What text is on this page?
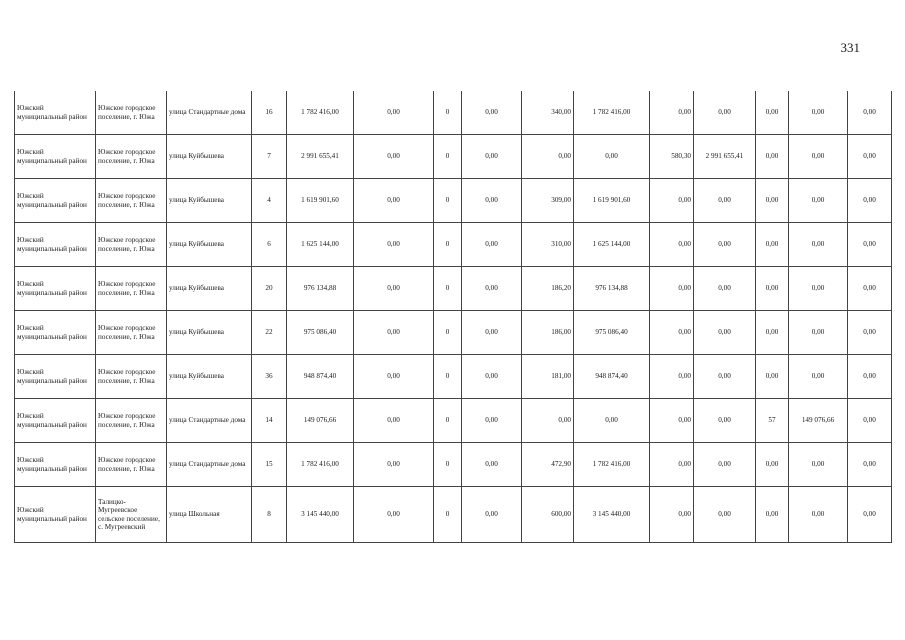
331
Южский муниципальный район	Южское городское поселение, г. Южа	улица Стандартные дома	16	1 782 416,00	0,00	0	0,00	340,00	1 782 416,00	0,00	0,00	0,00	0,00	0,00
Южский муниципальный район	Южское городское поселение, г. Южа	улица Куйбышева	7	2 991 655,41	0,00	0	0,00	0,00	0,00	580,30	2 991 655,41	0,00	0,00	0,00
Южский муниципальный район	Южское городское поселение, г. Южа	улица Куйбышева	4	1 619 901,60	0,00	0	0,00	309,00	1 619 901,60	0,00	0,00	0,00	0,00	0,00
Южский муниципальный район	Южское городское поселение, г. Южа	улица Куйбышева	6	1 625 144,00	0,00	0	0,00	310,00	1 625 144,00	0,00	0,00	0,00	0,00	0,00
Южский муниципальный район	Южское городское поселение, г. Южа	улица Куйбышева	20	976 134,88	0,00	0	0,00	186,20	976 134,88	0,00	0,00	0,00	0,00	0,00
Южский муниципальный район	Южское городское поселение, г. Южа	улица Куйбышева	22	975 086,40	0,00	0	0,00	186,00	975 086,40	0,00	0,00	0,00	0,00	0,00
Южский муниципальный район	Южское городское поселение, г. Южа	улица Куйбышева	36	948 874,40	0,00	0	0,00	181,00	948 874,40	0,00	0,00	0,00	0,00	0,00
Южский муниципальный район	Южское городское поселение, г. Южа	улица Стандартные дома	14	149 076,66	0,00	0	0,00	0,00	0,00	0,00	0,00	57	149 076,66	0,00
Южский муниципальный район	Южское городское поселение, г. Южа	улица Стандартные дома	15	1 782 416,00	0,00	0	0,00	472,90	1 782 416,00	0,00	0,00	0,00	0,00	0,00
Южский муниципальный район	Талицко-Мугреевское сельское поселение, с. Мугреевский	улица Школьная	8	3 145 440,00	0,00	0	0,00	600,00	3 145 440,00	0,00	0,00	0,00	0,00	0,00
